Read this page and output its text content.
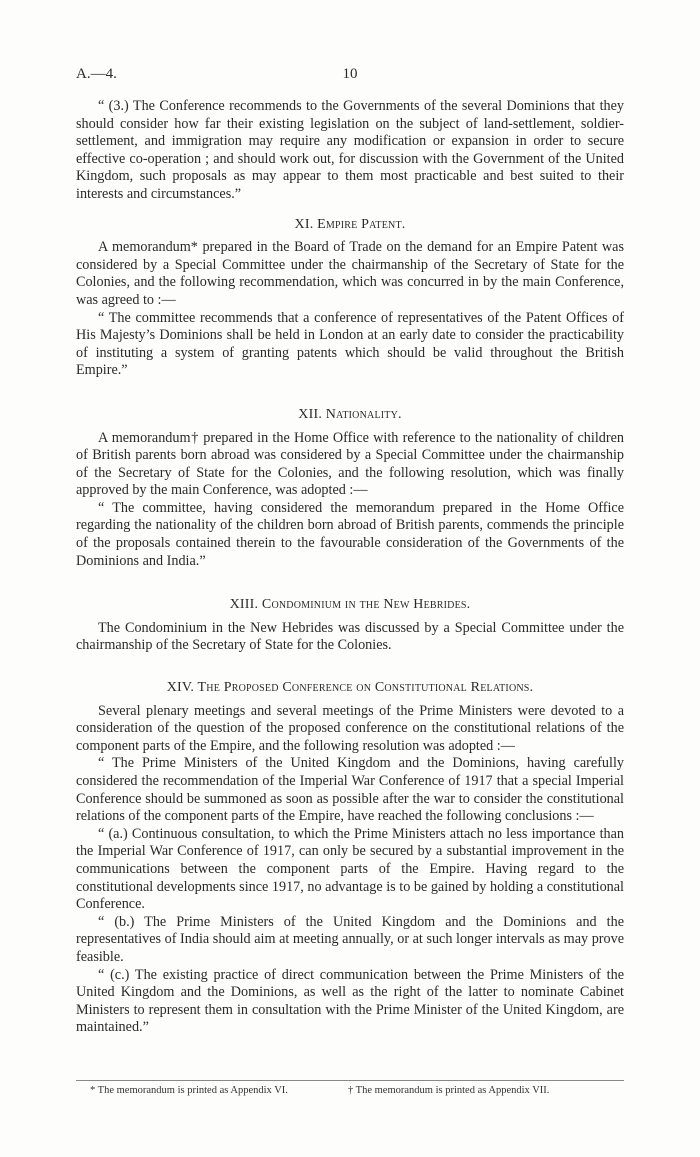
A.—4.	10

“ (3.) The Conference recommends to the Governments of the several Dominions that they should consider how far their existing legislation on the subject of land-settlement, soldier-settlement, and immigration may require any modification or expansion in order to secure effective co-operation ; and should work out, for discussion with the Government of the United Kingdom, such proposals as may appear to them most practicable and best suited to their interests and circumstances.”

XI. Empire Patent.

A memorandum* prepared in the Board of Trade on the demand for an Empire Patent was considered by a Special Committee under the chairmanship of the Secretary of State for the Colonies, and the following recommendation, which was concurred in by the main Conference, was agreed to :—

“ The committee recommends that a conference of representatives of the Patent Offices of His Majesty’s Dominions shall be held in London at an early date to consider the practicability of instituting a system of granting patents which should be valid throughout the British Empire.”

XII. Nationality.

A memorandum† prepared in the Home Office with reference to the nationality of children of British parents born abroad was considered by a Special Committee under the chairmanship of the Secretary of State for the Colonies, and the following resolution, which was finally approved by the main Conference, was adopted :—

“ The committee, having considered the memorandum prepared in the Home Office regarding the nationality of the children born abroad of British parents, commends the principle of the proposals contained therein to the favourable consideration of the Governments of the Dominions and India.”

XIII. Condominium in the New Hebrides.

The Condominium in the New Hebrides was discussed by a Special Committee under the chairmanship of the Secretary of State for the Colonies.

XIV. The Proposed Conference on Constitutional Relations.

Several plenary meetings and several meetings of the Prime Ministers were devoted to a consideration of the question of the proposed conference on the constitutional relations of the component parts of the Empire, and the following resolution was adopted :—

“ The Prime Ministers of the United Kingdom and the Dominions, having carefully considered the recommendation of the Imperial War Conference of 1917 that a special Imperial Conference should be summoned as soon as possible after the war to consider the constitutional relations of the component parts of the Empire, have reached the following conclusions :—

“ (a.) Continuous consultation, to which the Prime Ministers attach no less importance than the Imperial War Conference of 1917, can only be secured by a substantial improvement in the communications between the component parts of the Empire. Having regard to the constitutional developments since 1917, no advantage is to be gained by holding a constitutional Conference.

“ (b.) The Prime Ministers of the United Kingdom and the Dominions and the representatives of India should aim at meeting annually, or at such longer intervals as may prove feasible.

“ (c.) The existing practice of direct communication between the Prime Ministers of the United Kingdom and the Dominions, as well as the right of the latter to nominate Cabinet Ministers to represent them in consultation with the Prime Minister of the United Kingdom, are maintained.”

* The memorandum is printed as Appendix VI.	† The memorandum is printed as Appendix VII.
